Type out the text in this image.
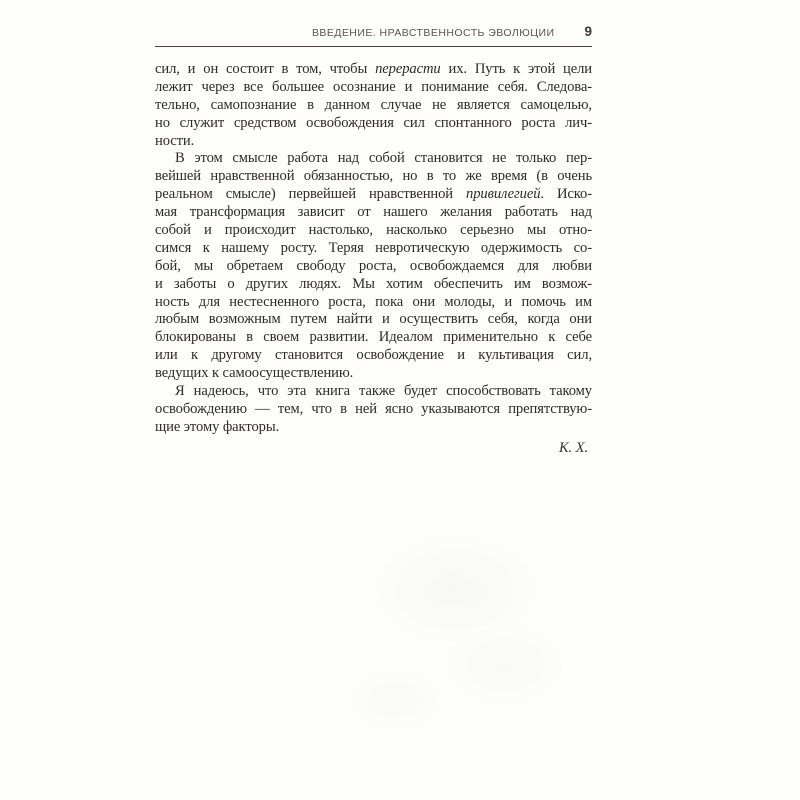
ВВЕДЕНИЕ. НРАВСТВЕННОСТЬ ЭВОЛЮЦИИ 9
сил, и он состоит в том, чтобы перерасти их. Путь к этой цели
лежит через все большее осознание и понимание себя. Следова-
тельно, самопознание в данном случае не является самоцелью,
но служит средством освобождения сил спонтанного роста лич-
ности.
В этом смысле работа над собой становится не только пер-
вейшей нравственной обязанностью, но в то же время (в очень
реальном смысле) первейшей нравственной привилегией. Иско-
мая трансформация зависит от нашего желания работать над
собой и происходит настолько, насколько серьезно мы отно-
симся к нашему росту. Теряя невротическую одержимость со-
бой, мы обретаем свободу роста, освобождаемся для любви
и заботы о других людях. Мы хотим обеспечить им возмож-
ность для нестесненного роста, пока они молоды, и помочь им
любым возможным путем найти и осуществить себя, когда они
блокированы в своем развитии. Идеалом применительно к себе
или к другому становится освобождение и культивация сил,
ведущих к самоосуществлению.
Я надеюсь, что эта книга также будет способствовать такому
освобождению — тем, что в ней ясно указываются препятствую-
щие этому факторы.
К. Х.
